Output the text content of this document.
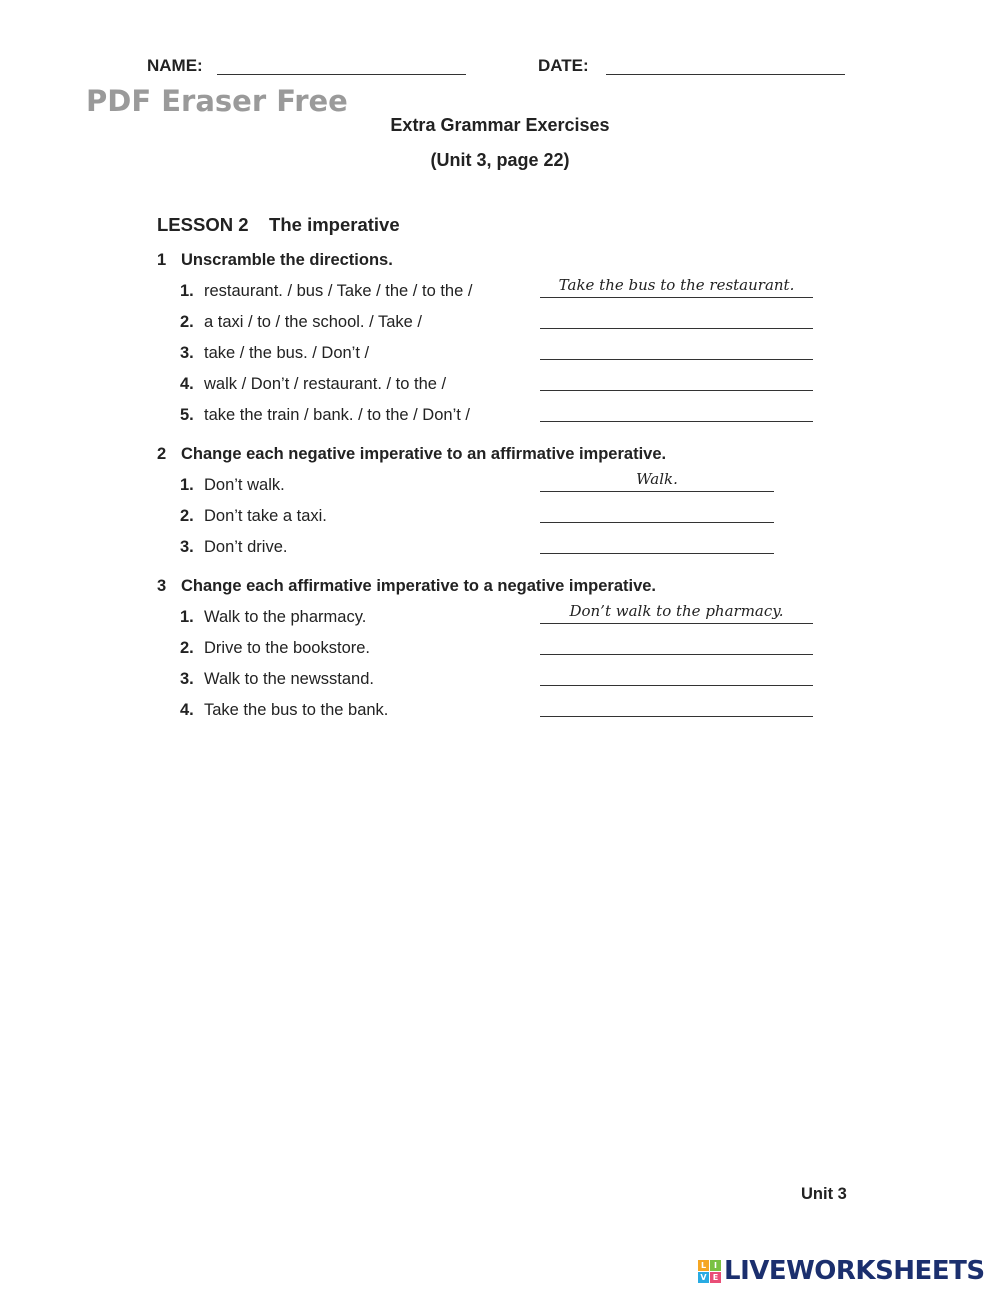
NAME:	DATE:
PDF Eraser Free
Extra Grammar Exercises
(Unit 3, page 22)
LESSON 2    The imperative
1 Unscramble the directions.
1. restaurant. / bus / Take / the / to the /	Take the bus to the restaurant.
2. a taxi / to / the school. / Take /
3. take / the bus. / Don’t /
4. walk / Don’t / restaurant. / to the /
5. take the train / bank. / to the / Don’t /
2 Change each negative imperative to an affirmative imperative.
1. Don’t walk.	Walk.
2. Don’t take a taxi.
3. Don’t drive.
3 Change each affirmative imperative to a negative imperative.
1. Walk to the pharmacy.	Don’t walk to the pharmacy.
2. Drive to the bookstore.
3. Walk to the newsstand.
4. Take the bus to the bank.
Unit 3
L I
V E LIVEWORKSHEETS
